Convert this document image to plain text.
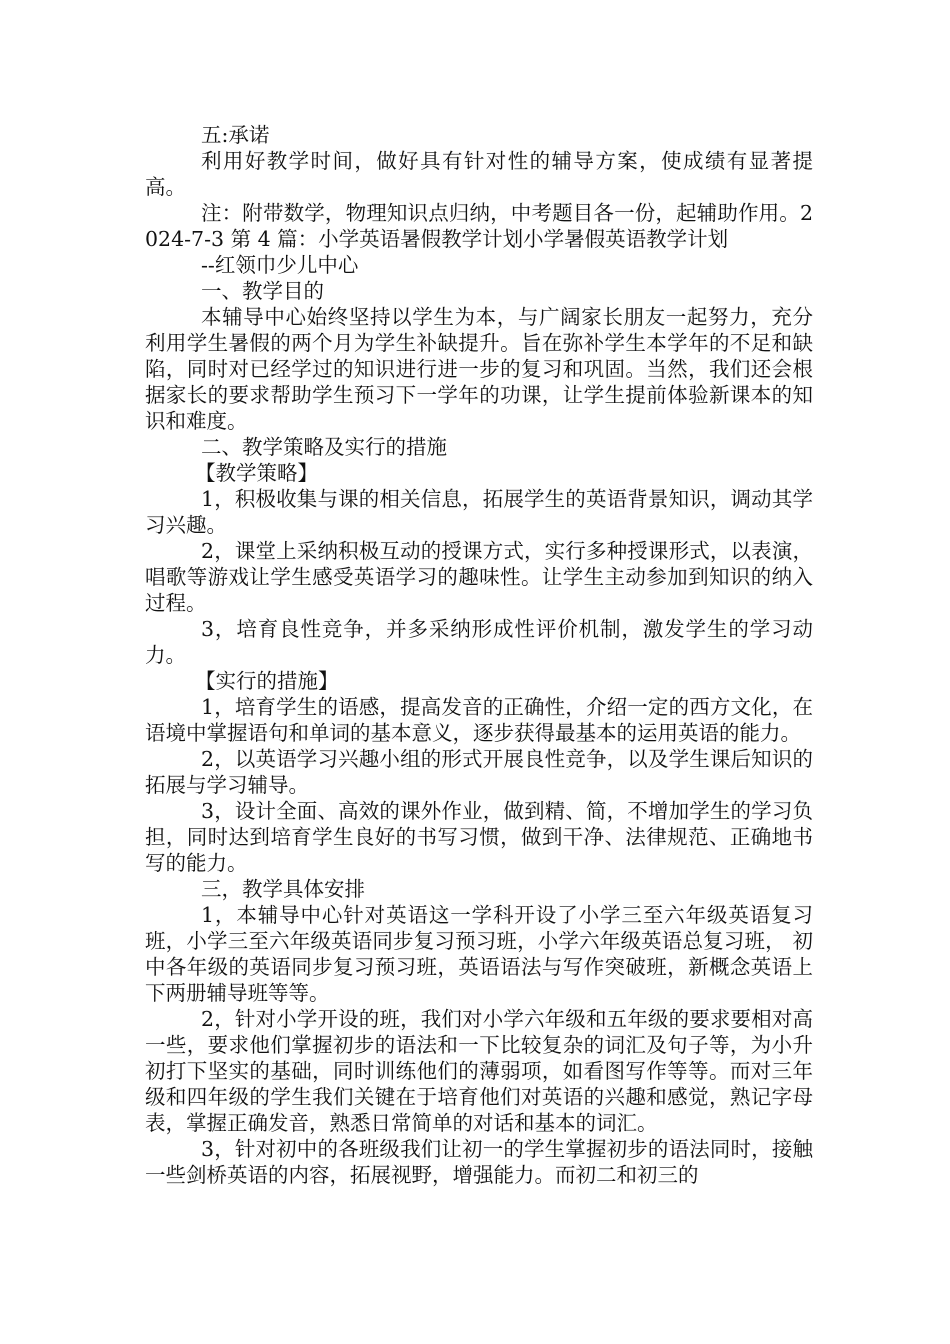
五:承诺

利用好教学时间，做好具有针对性的辅导方案，使成绩有显著提高。

注：附带数学，物理知识点归纳，中考题目各一份，起辅助作用。2024-7-3 第 4 篇：小学英语暑假教学计划小学暑假英语教学计划

--红领巾少儿中心

一、教学目的

本辅导中心始终坚持以学生为本，与广阔家长朋友一起努力，充分利用学生暑假的两个月为学生补缺提升。旨在弥补学生本学年的不足和缺陷，同时对已经学过的知识进行进一步的复习和巩固。当然，我们还会根据家长的要求帮助学生预习下一学年的功课，让学生提前体验新课本的知识和难度。

二、教学策略及实行的措施

【教学策略】

1，积极收集与课的相关信息，拓展学生的英语背景知识，调动其学习兴趣。

2，课堂上采纳积极互动的授课方式，实行多种授课形式，以表演，唱歌等游戏让学生感受英语学习的趣味性。让学生主动参加到知识的纳入过程。

3，培育良性竞争，并多采纳形成性评价机制，激发学生的学习动力。

【实行的措施】

1，培育学生的语感，提高发音的正确性，介绍一定的西方文化，在语境中掌握语句和单词的基本意义，逐步获得最基本的运用英语的能力。

2，以英语学习兴趣小组的形式开展良性竞争，以及学生课后知识的拓展与学习辅导。

3，设计全面、高效的课外作业，做到精、简，不增加学生的学习负担，同时达到培育学生良好的书写习惯，做到干净、法律规范、正确地书写的能力。

三，教学具体安排

1，本辅导中心针对英语这一学科开设了小学三至六年级英语复习班，小学三至六年级英语同步复习预习班，小学六年级英语总复习班， 初中各年级的英语同步复习预习班，英语语法与写作突破班，新概念英语上下两册辅导班等等。

2，针对小学开设的班，我们对小学六年级和五年级的要求要相对高一些，要求他们掌握初步的语法和一下比较复杂的词汇及句子等，为小升初打下坚实的基础，同时训练他们的薄弱项，如看图写作等等。而对三年级和四年级的学生我们关键在于培育他们对英语的兴趣和感觉，熟记字母表，掌握正确发音，熟悉日常简单的对话和基本的词汇。

3，针对初中的各班级我们让初一的学生掌握初步的语法同时，接触一些剑桥英语的内容，拓展视野，增强能力。而初二和初三的
